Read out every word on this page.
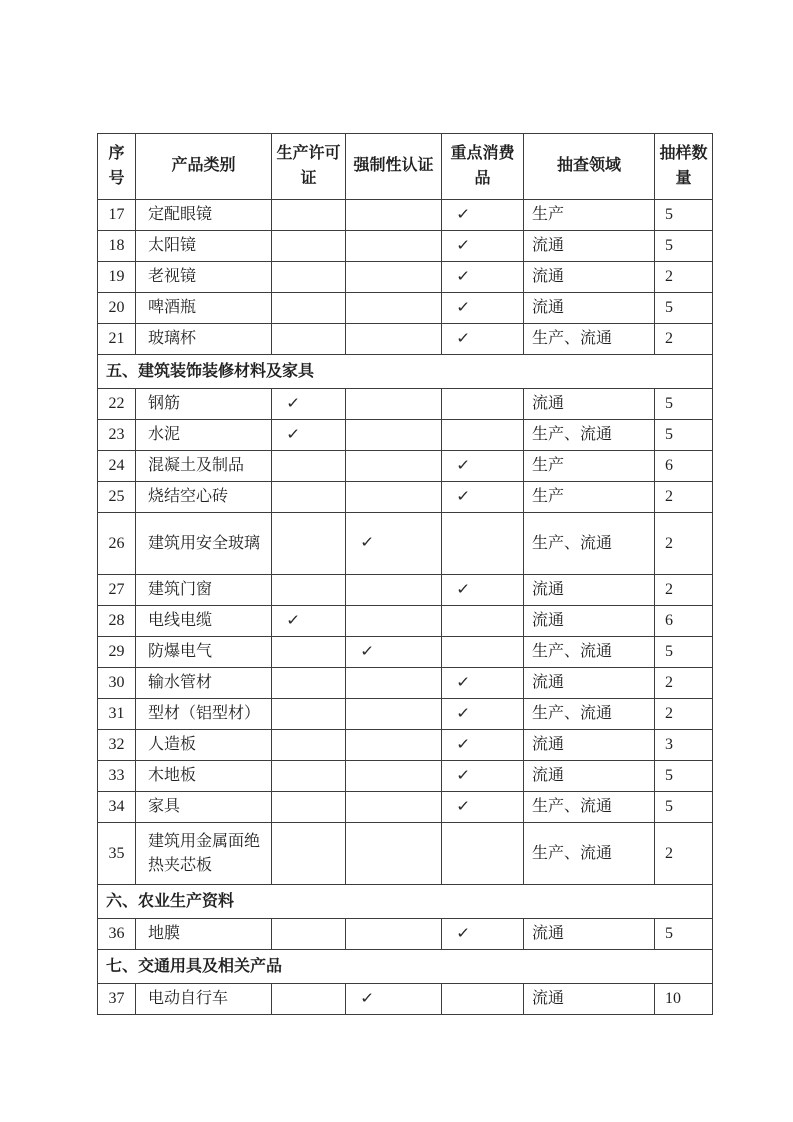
序号	产品类别	生产许可证	强制性认证	重点消费品	抽查领域	抽样数量
17	定配眼镜			✓	生产	5
18	太阳镜			✓	流通	5
19	老视镜			✓	流通	2
20	啤酒瓶			✓	流通	5
21	玻璃杯			✓	生产、流通	2
五、建筑装饰装修材料及家具						
22	钢筋	✓			流通	5
23	水泥	✓			生产、流通	5
24	混凝土及制品			✓	生产	6
25	烧结空心砖			✓	生产	2
26	建筑用安全玻璃		✓		生产、流通	2
27	建筑门窗			✓	流通	2
28	电线电缆	✓			流通	6
29	防爆电气		✓		生产、流通	5
30	输水管材			✓	流通	2
31	型材（铝型材）			✓	生产、流通	2
32	人造板			✓	流通	3
33	木地板			✓	流通	5
34	家具			✓	生产、流通	5
35	建筑用金属面绝热夹芯板				生产、流通	2
六、农业生产资料						
36	地膜			✓	流通	5
七、交通用具及相关产品						
37	电动自行车		✓		流通	10
